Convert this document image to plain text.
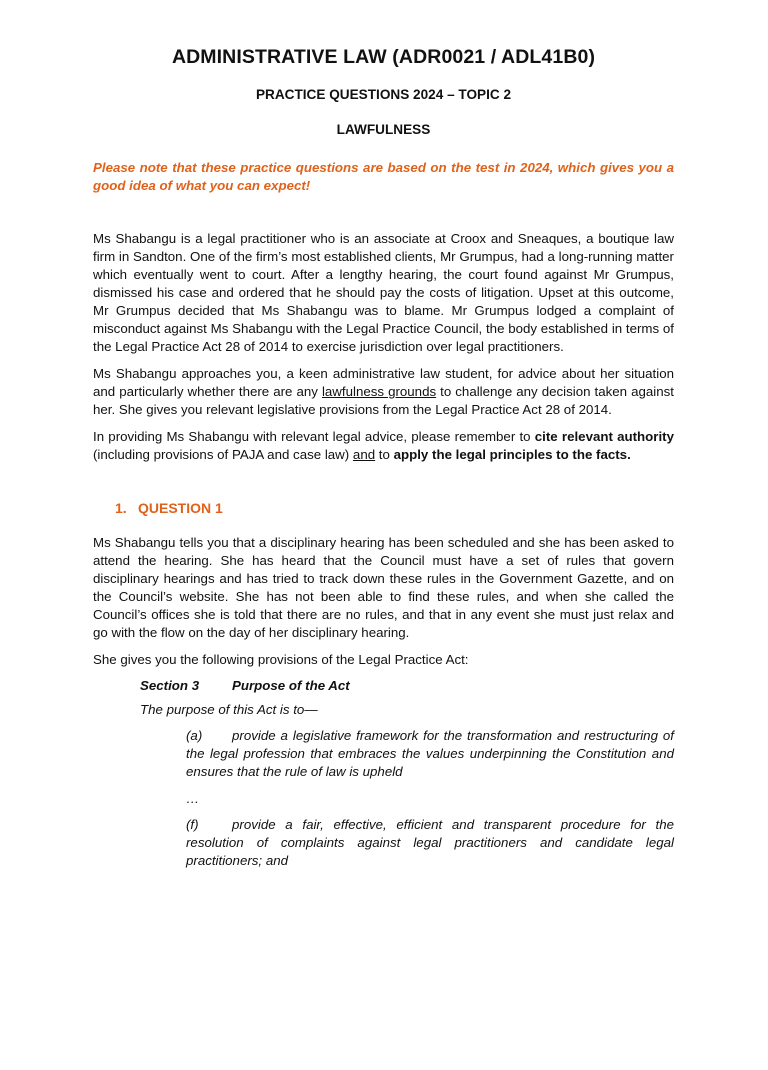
ADMINISTRATIVE LAW (ADR0021 / ADL41B0)
PRACTICE QUESTIONS 2024 – TOPIC 2
LAWFULNESS
Please note that these practice questions are based on the test in 2024, which gives you a good idea of what you can expect!

Ms Shabangu is a legal practitioner who is an associate at Croox and Sneaques, a boutique law firm in Sandton. One of the firm’s most established clients, Mr Grumpus, had a long-running matter which eventually went to court. After a lengthy hearing, the court found against Mr Grumpus, dismissed his case and ordered that he should pay the costs of litigation. Upset at this outcome, Mr Grumpus decided that Ms Shabangu was to blame. Mr Grumpus lodged a complaint of misconduct against Ms Shabangu with the Legal Practice Council, the body established in terms of the Legal Practice Act 28 of 2014 to exercise jurisdiction over legal practitioners.

Ms Shabangu approaches you, a keen administrative law student, for advice about her situation and particularly whether there are any lawfulness grounds to challenge any decision taken against her. She gives you relevant legislative provisions from the Legal Practice Act 28 of 2014.

In providing Ms Shabangu with relevant legal advice, please remember to cite relevant authority (including provisions of PAJA and case law) and to apply the legal principles to the facts.

1. QUESTION 1

Ms Shabangu tells you that a disciplinary hearing has been scheduled and she has been asked to attend the hearing. She has heard that the Council must have a set of rules that govern disciplinary hearings and has tried to track down these rules in the Government Gazette, and on the Council’s website. She has not been able to find these rules, and when she called the Council’s offices she is told that there are no rules, and that in any event she must just relax and go with the flow on the day of her disciplinary hearing.

She gives you the following provisions of the Legal Practice Act:

Section 3 Purpose of the Act
The purpose of this Act is to—
(a) provide a legislative framework for the transformation and restructuring of the legal profession that embraces the values underpinning the Constitution and ensures that the rule of law is upheld
…
(f)	provide a fair, effective, efficient and transparent procedure for the resolution of complaints against legal practitioners and candidate legal practitioners; and
